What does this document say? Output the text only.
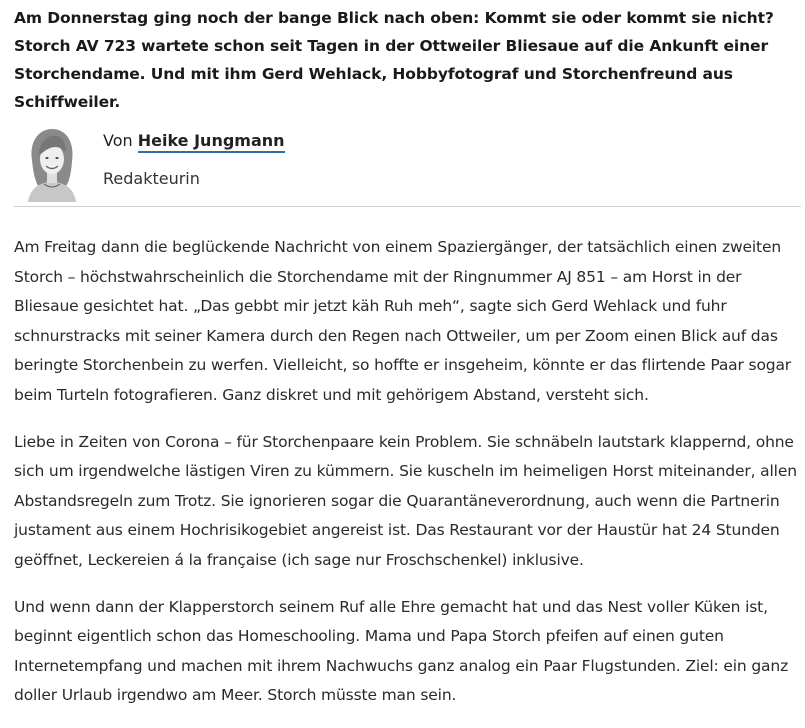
Am Donnerstag ging noch der bange Blick nach oben: Kommt sie oder kommt sie nicht? Storch AV 723 wartete schon seit Tagen in der Ottweiler Bliesaue auf die Ankunft einer Storchendame. Und mit ihm Gerd Wehlack, Hobbyfotograf und Storchenfreund aus Schiffweiler.

Von Heike Jungmann
Redakteurin

Am Freitag dann die beglückende Nachricht von einem Spaziergänger, der tatsächlich einen zweiten Storch – höchstwahrscheinlich die Storchendame mit der Ringnummer AJ 851 – am Horst in der Bliesaue gesichtet hat. „Das gebbt mir jetzt käh Ruh meh“, sagte sich Gerd Wehlack und fuhr schnurstracks mit seiner Kamera durch den Regen nach Ottweiler, um per Zoom einen Blick auf das beringte Storchenbein zu werfen. Vielleicht, so hoffte er insgeheim, könnte er das flirtende Paar sogar beim Turteln fotografieren. Ganz diskret und mit gehörigem Abstand, versteht sich.

Liebe in Zeiten von Corona – für Storchenpaare kein Problem. Sie schnäbeln lautstark klappernd, ohne sich um irgendwelche lästigen Viren zu kümmern. Sie kuscheln im heimeligen Horst miteinander, allen Abstandsregeln zum Trotz. Sie ignorieren sogar die Quarantäneverordnung, auch wenn die Partnerin justament aus einem Hochrisikogebiet angereist ist. Das Restaurant vor der Haustür hat 24 Stunden geöffnet, Leckereien á la française (ich sage nur Froschschenkel) inklusive.

Und wenn dann der Klapperstorch seinem Ruf alle Ehre gemacht hat und das Nest voller Küken ist, beginnt eigentlich schon das Homeschooling. Mama und Papa Storch pfeifen auf einen guten Internetempfang und machen mit ihrem Nachwuchs ganz analog ein Paar Flugstunden. Ziel: ein ganz doller Urlaub irgendwo am Meer. Storch müsste man sein.
